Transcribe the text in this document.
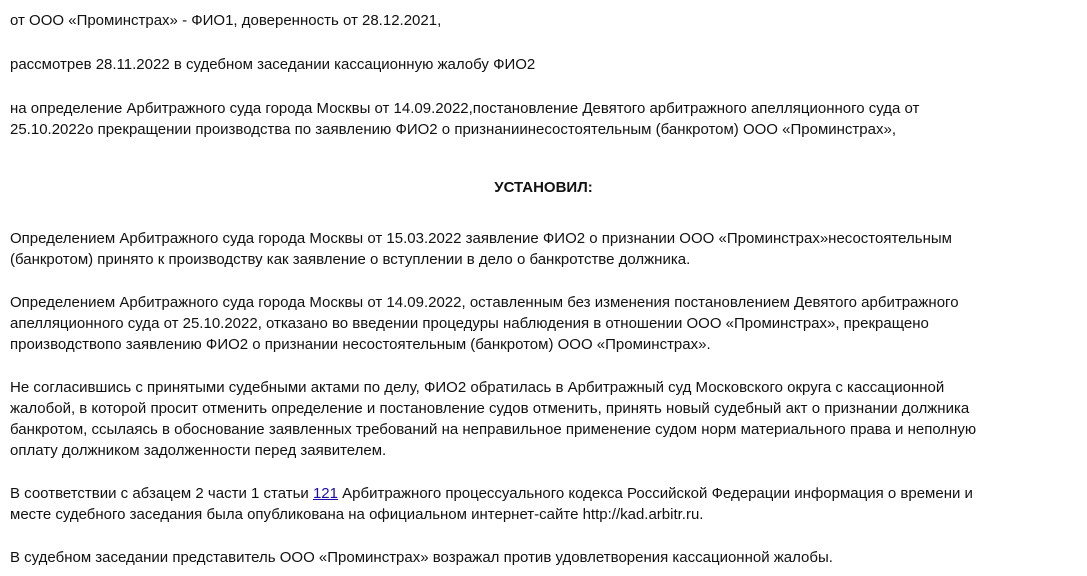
от ООО «Проминстрах» - ФИО1, доверенность от 28.12.2021,

рассмотрев 28.11.2022 в судебном заседании кассационную жалобу ФИО2

на определение Арбитражного суда города Москвы от 14.09.2022,постановление Девятого арбитражного апелляционного суда от

25.10.2022о прекращении производства по заявлению ФИО2 о признаниинесостоятельным (банкротом) ООО «Проминстрах»,

УСТАНОВИЛ:

Определением Арбитражного суда города Москвы от 15.03.2022 заявление ФИО2 о признании ООО «Проминстрах»несостоятельным

(банкротом) принято к производству как заявление о вступлении в дело о банкротстве должника.

Определением Арбитражного суда города Москвы от 14.09.2022, оставленным без изменения постановлением Девятого арбитражного

апелляционного суда от 25.10.2022, отказано во введении процедуры наблюдения в отношении ООО «Проминстрах», прекращено

производствопо заявлению ФИО2 о признании несостоятельным (банкротом) ООО «Проминстрах».

Не согласившись с принятыми судебными актами по делу, ФИО2 обратилась в Арбитражный суд Московского округа с кассационной

жалобой, в которой просит отменить определение и постановление судов отменить, принять новый судебный акт о признании должника

банкротом, ссылаясь в обоснование заявленных требований на неправильное применение судом норм материального права и неполную

оплату должником задолженности перед заявителем.

В соответствии с абзацем 2 части 1 статьи 121 Арбитражного процессуального кодекса Российской Федерации информация о времени и

месте судебного заседания была опубликована на официальном интернет-сайте http://kad.arbitr.ru.

В судебном заседании представитель ООО «Проминстрах» возражал против удовлетворения кассационной жалобы.
